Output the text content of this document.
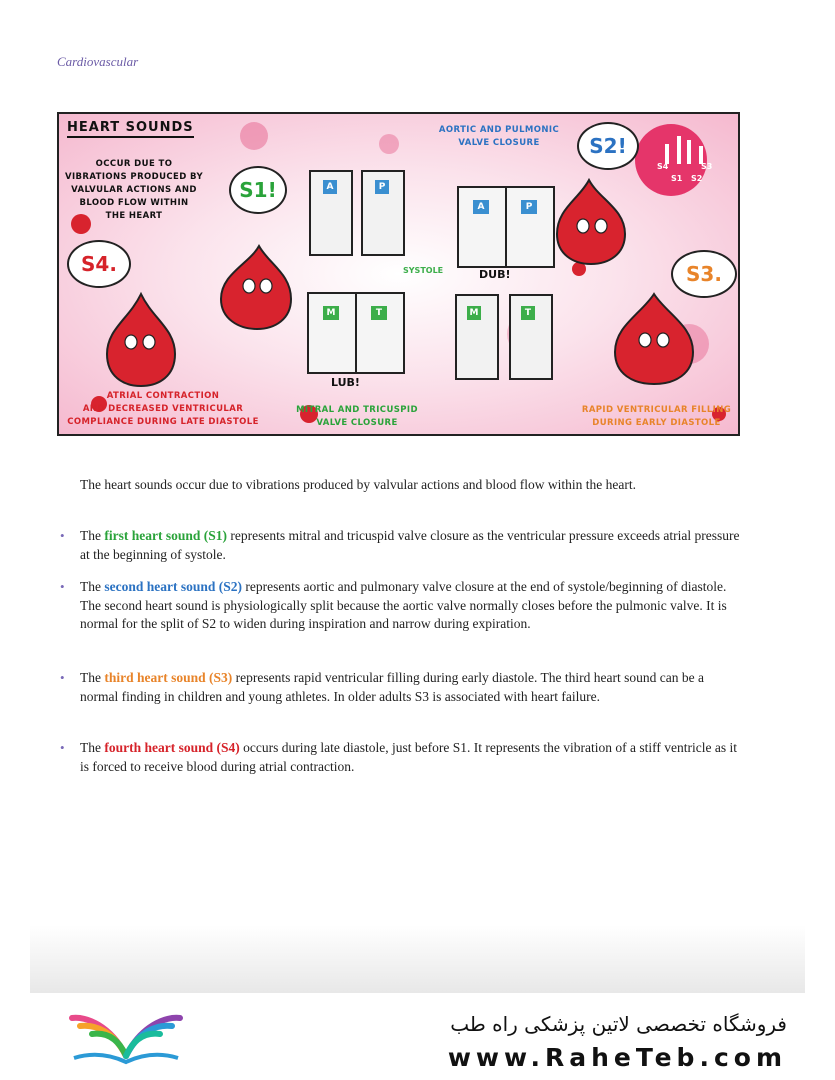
Cardiovascular
HEART SOUNDS
OCCUR DUE TO
VIBRATIONS PRODUCED BY
VALVULAR ACTIONS AND
BLOOD FLOW WITHIN
THE HEART
AORTIC AND PULMONIC
VALVE CLOSURE
S1!
S2!
S4.	S3.
S4
S1 S2
S3
A	P
A	P
M	T	M	T
SYSTOLE	DUB!
LUB!
ATRIAL CONTRACTION
AND DECREASED VENTRICULAR
COMPLIANCE DURING LATE DIASTOLE
MITRAL AND TRICUSPID
VALVE CLOSURE
RAPID VENTRICULAR FILLING
DURING EARLY DIASTOLE
The heart sounds occur due to vibrations produced by valvular actions and blood flow within the heart.
• The first heart sound (S1) represents mitral and tricuspid valve closure as the ventricular pressure exceeds atrial pressure at the beginning of systole.
• The second heart sound (S2) represents aortic and pulmonary valve closure at the end of systole/beginning of diastole. The second heart sound is physiologically split because the aortic valve normally closes before the pulmonic valve. It is normal for the split of S2 to widen during inspiration and narrow during expiration.
• The third heart sound (S3) represents rapid ventricular filling during early diastole. The third heart sound can be a normal finding in children and young athletes. In older adults S3 is associated with heart failure.
• The fourth heart sound (S4) occurs during late diastole, just before S1. It represents the vibration of a stiff ventricle as it is forced to receive blood during atrial contraction.
فروشگاه تخصصی لاتین پزشکی راه طب
www.RaheTeb.com
